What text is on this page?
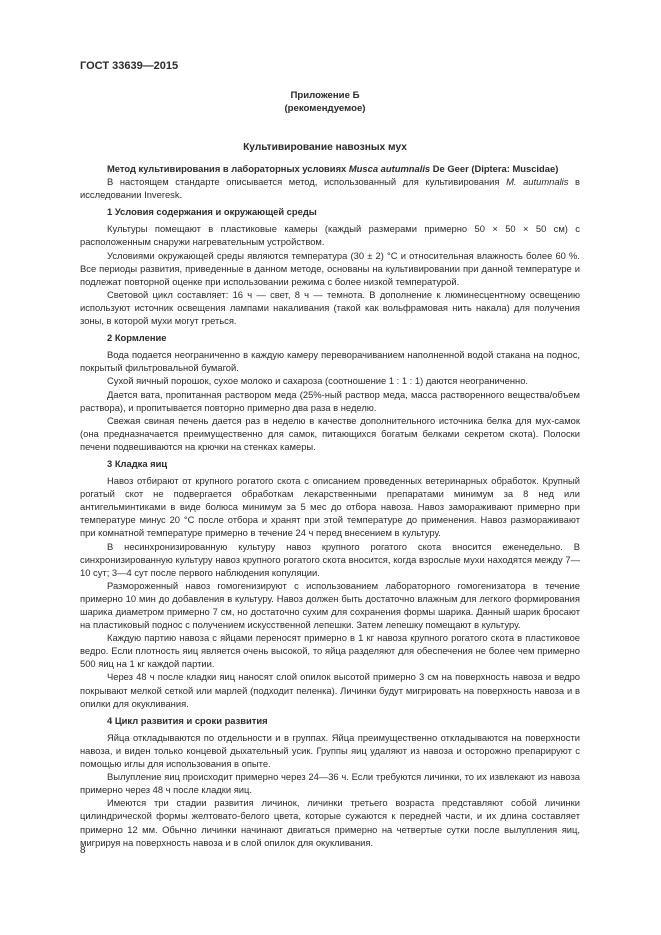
ГОСТ 33639—2015
Приложение Б
(рекомендуемое)
Культивирование навозных мух
Метод культивирования в лабораторных условиях Musca autumnalis De Geer (Diptera: Muscidae)

В настоящем стандарте описывается метод, использованный для культивирования M. autumnalis в исследовании Inveresk.

1 Условия содержания и окружающей среды

Культуры помещают в пластиковые камеры (каждый размерами примерно 50 × 50 × 50 см) с расположенным снаружи нагревательным устройством.

Условиями окружающей среды являются температура (30 ± 2) °C и относительная влажность более 60 %. Все периоды развития, приведенные в данном методе, основаны на культивировании при данной температуре и подлежат повторной оценке при использовании режима с более низкой температурой.

Световой цикл составляет: 16 ч — свет, 8 ч — темнота. В дополнение к люминесцентному освещению используют источник освещения лампами накаливания (такой как вольфрамовая нить накала) для получения зоны, в которой мухи могут греться.

2 Кормление

Вода подается неограниченно в каждую камеру переворачиванием наполненной водой стакана на поднос, покрытый фильтровальной бумагой.

Сухой яичный порошок, сухое молоко и сахароза (соотношение 1 : 1 : 1) даются неограниченно.

Дается вата, пропитанная раствором меда (25%-ный раствор меда, масса растворенного вещества/объем раствора), и пропитывается повторно примерно два раза в неделю.

Свежая свиная печень дается раз в неделю в качестве дополнительного источника белка для мух-самок (она предназначается преимущественно для самок, питающихся богатым белками секретом скота). Полоски печени подвешиваются на крючки на стенках камеры.

3 Кладка яиц

Навоз отбирают от крупного рогатого скота с описанием проведенных ветеринарных обработок. Крупный рогатый скот не подвергается обработкам лекарственными препаратами минимум за 8 нед или антигельминтиками в виде болюса минимум за 5 мес до отбора навоза. Навоз замораживают примерно при температуре минус 20 °C после отбора и хранят при этой температуре до применения. Навоз размораживают при комнатной температуре примерно в течение 24 ч перед внесением в культуру.

В несинхронизированную культуру навоз крупного рогатого скота вносится еженедельно. В синхронизированную культуру навоз крупного рогатого скота вносится, когда взрослые мухи находятся между 7—10 сут; 3—4 сут после первого наблюдения копуляции.

Размороженный навоз гомогенизируют с использованием лабораторного гомогенизатора в течение примерно 10 мин до добавления в культуру. Навоз должен быть достаточно влажным для легкого формирования шарика диаметром примерно 7 см, но достаточно сухим для сохранения формы шарика. Данный шарик бросают на пластиковый поднос с получением искусственной лепешки. Затем лепешку помещают в культуру.

Каждую партию навоза с яйцами переносят примерно в 1 кг навоза крупного рогатого скота в пластиковое ведро. Если плотность яиц является очень высокой, то яйца разделяют для обеспечения не более чем примерно 500 яиц на 1 кг каждой партии.

Через 48 ч после кладки яиц наносят слой опилок высотой примерно 3 см на поверхность навоза и ведро покрывают мелкой сеткой или марлей (подходит пеленка). Личинки будут мигрировать на поверхность навоза и в опилки для окукливания.

4 Цикл развития и сроки развития

Яйца откладываются по отдельности и в группах. Яйца преимущественно откладываются на поверхности навоза, и виден только концевой дыхательный усик. Группы яиц удаляют из навоза и осторожно препарируют с помощью иглы для использования в опыте.

Вылупление яиц происходит примерно через 24—36 ч. Если требуются личинки, то их извлекают из навоза примерно через 48 ч после кладки яиц.

Имеются три стадии развития личинок, личинки третьего возраста представляют собой личинки цилиндрической формы желтовато-белого цвета, которые сужаются к передней части, и их длина составляет примерно 12 мм. Обычно личинки начинают двигаться примерно на четвертые сутки после вылупления яиц, мигрируя на поверхность навоза и в слой опилок для окукливания.

8
